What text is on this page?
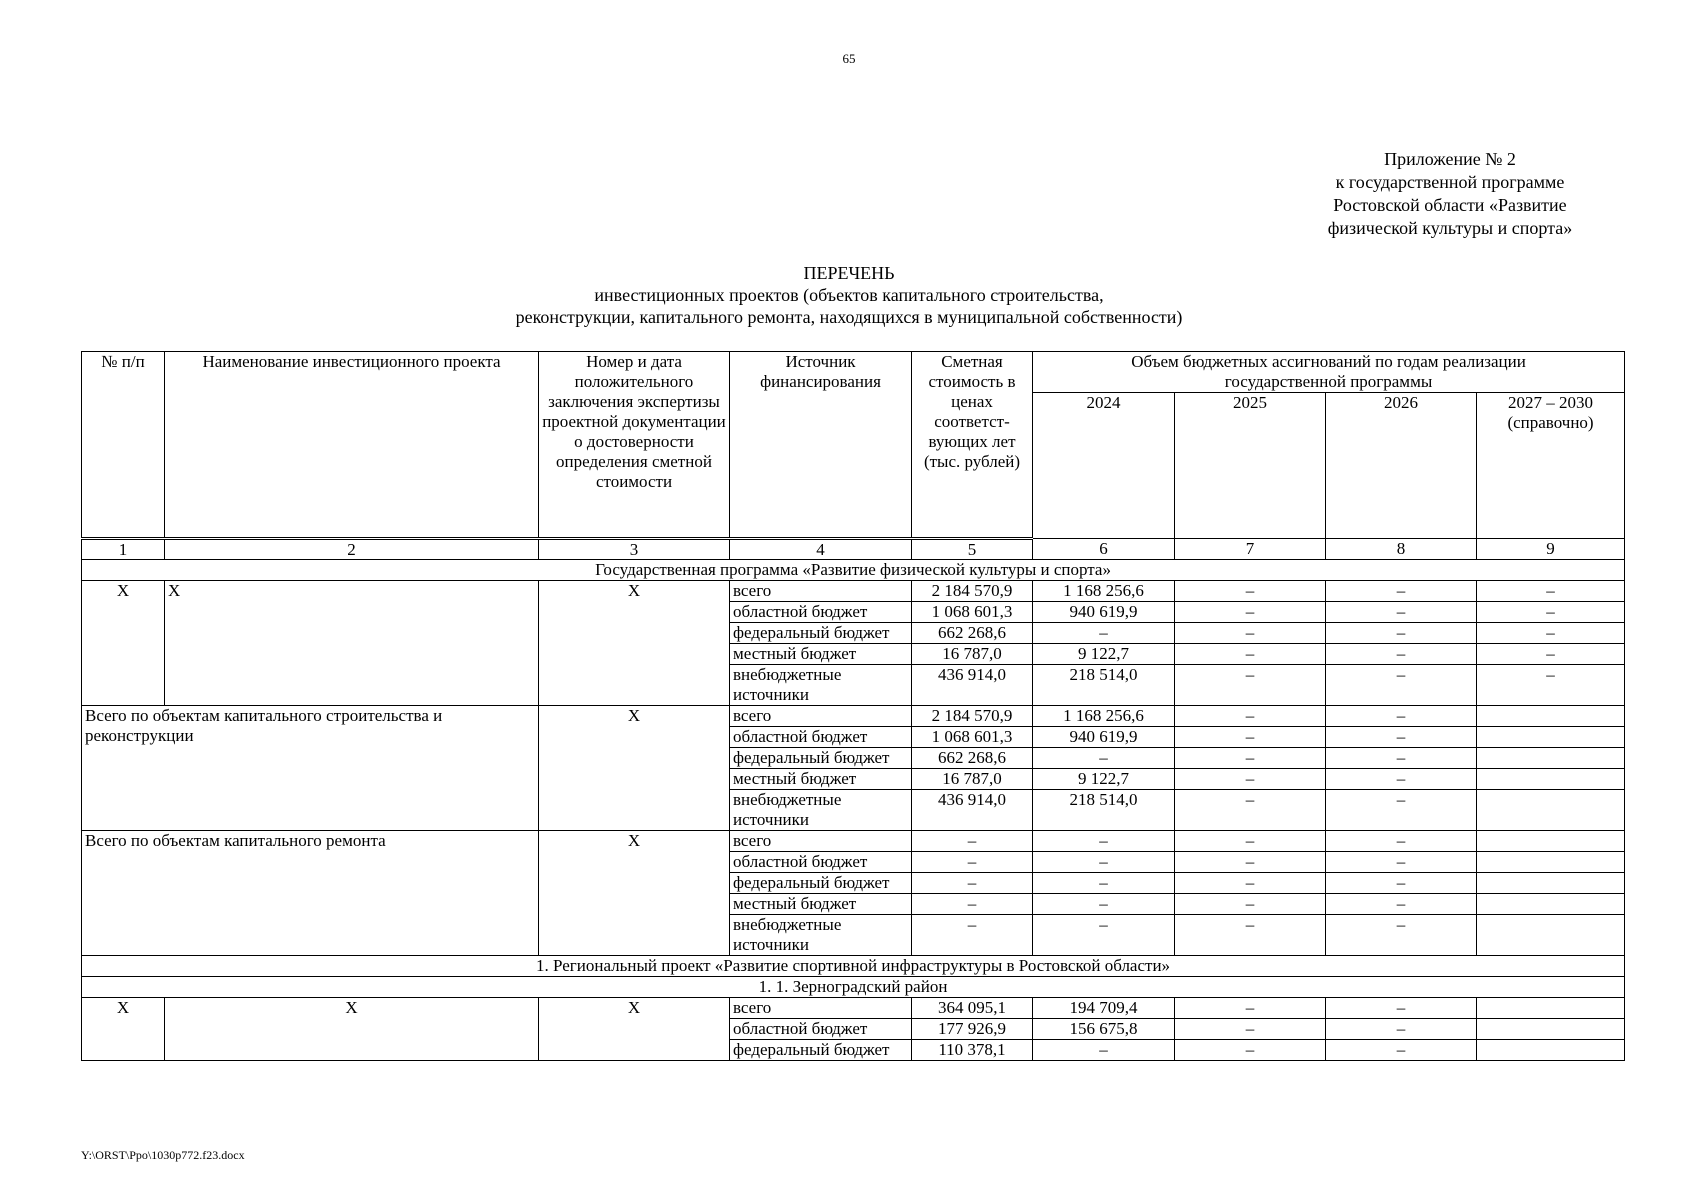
65
Приложение № 2
к государственной программе
Ростовской области «Развитие
физической культуры и спорта»
ПЕРЕЧЕНЬ
инвестиционных проектов (объектов капитального строительства,
реконструкции, капитального ремонта, находящихся в муниципальной собственности)
№ п/п	Наименование инвестиционного проекта	Номер и дата положительного заключения экспертизы проектной документации о достоверности определения сметной стоимости	Источник финансирования	Сметная стоимость в ценах соответст-вующих лет (тыс. рублей)	Объем бюджетных ассигнований по годам реализации государственной программы			
					2024	2025	2026	2027 – 2030 (справочно)
1	2	3	4	5	6	7	8	9
Государственная программа «Развитие физической культуры и спорта»								
X	X	X	всего	2 184 570,9	1 168 256,6	–	–	–
			областной бюджет	1 068 601,3	940 619,9	–	–	–
			федеральный бюджет	662 268,6	–	–	–	–
			местный бюджет	16 787,0	9 122,7	–	–	–
			внебюджетные источники	436 914,0	218 514,0	–	–	–
Всего по объектам капитального строительства и реконструкции		X	всего	2 184 570,9	1 168 256,6	–	–	
			областной бюджет	1 068 601,3	940 619,9	–	–	
			федеральный бюджет	662 268,6	–	–	–	
			местный бюджет	16 787,0	9 122,7	–	–	
			внебюджетные источники	436 914,0	218 514,0	–	–	
Всего по объектам капитального ремонта		X	всего	–	–	–	–	
			областной бюджет	–	–	–	–	
			федеральный бюджет	–	–	–	–	
			местный бюджет	–	–	–	–	
			внебюджетные источники	–	–	–	–	
1. Региональный проект «Развитие спортивной инфраструктуры в Ростовской области»								
1. 1. Зерноградский район								
X	X	X	всего	364 095,1	194 709,4	–	–	
			областной бюджет	177 926,9	156 675,8	–	–	
			федеральный бюджет	110 378,1	–	–	–	
Y:\ORST\Ppo\1030p772.f23.docx
